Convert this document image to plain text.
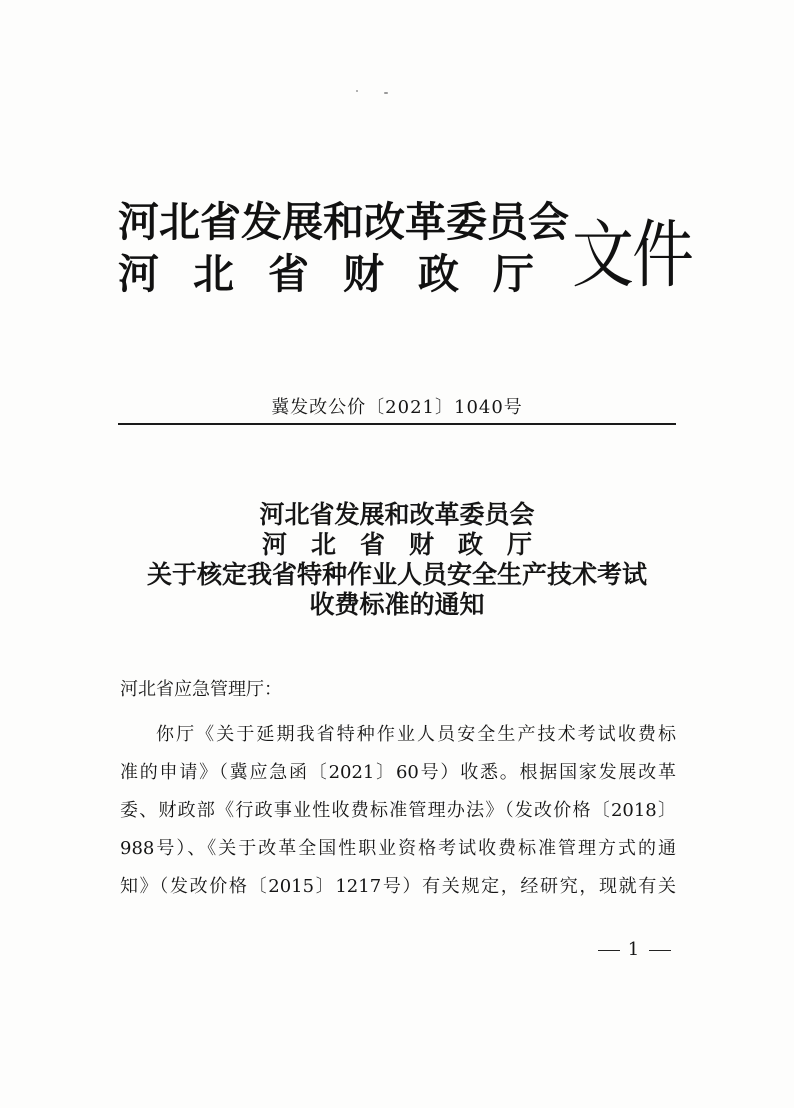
河北省发展和改革委员会
河北省财政厅 文件
冀发改公价〔2021〕1040号
河北省发展和改革委员会
河北省财政厅
关于核定我省特种作业人员安全生产技术考试
收费标准的通知
河北省应急管理厅：
你厅《关于延期我省特种作业人员安全生产技术考试收费标
准的申请》（冀应急函〔2021〕60号）收悉。根据国家发展改革
委、财政部《行政事业性收费标准管理办法》（发改价格〔2018〕
988号）、《关于改革全国性职业资格考试收费标准管理方式的通
知》（发改价格〔2015〕1217号）有关规定，经研究，现就有关
1
